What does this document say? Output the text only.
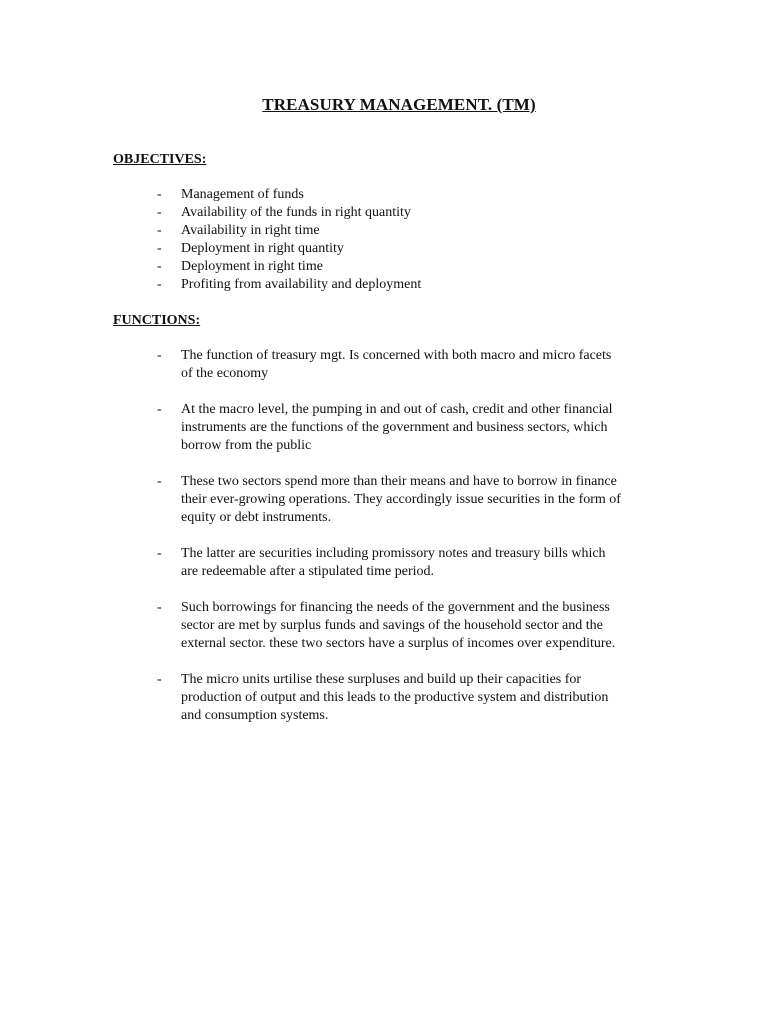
TREASURY MANAGEMENT. (TM)
OBJECTIVES:
- Management of funds
- Availability of the funds in right quantity
- Availability in right time
- Deployment in right quantity
- Deployment in right time
- Profiting from availability and deployment
FUNCTIONS:
- The function of treasury mgt. Is concerned with both macro and micro facets
of the economy
- At the macro level, the pumping in and out of cash, credit and other financial
instruments are the functions of the government and business sectors, which
borrow from the public
- These two sectors spend more than their means and have to borrow in finance
their ever-growing operations. They accordingly issue securities in the form of
equity or debt instruments.
- The latter are securities including promissory notes and treasury bills which
are redeemable after a stipulated time period.
- Such borrowings for financing the needs of the government and the business
sector are met by surplus funds and savings of the household sector and the
external sector. these two sectors have a surplus of incomes over expenditure.
- The micro units urtilise these surpluses and build up their capacities for
production of output and this leads to the productive system and distribution
and consumption systems.
